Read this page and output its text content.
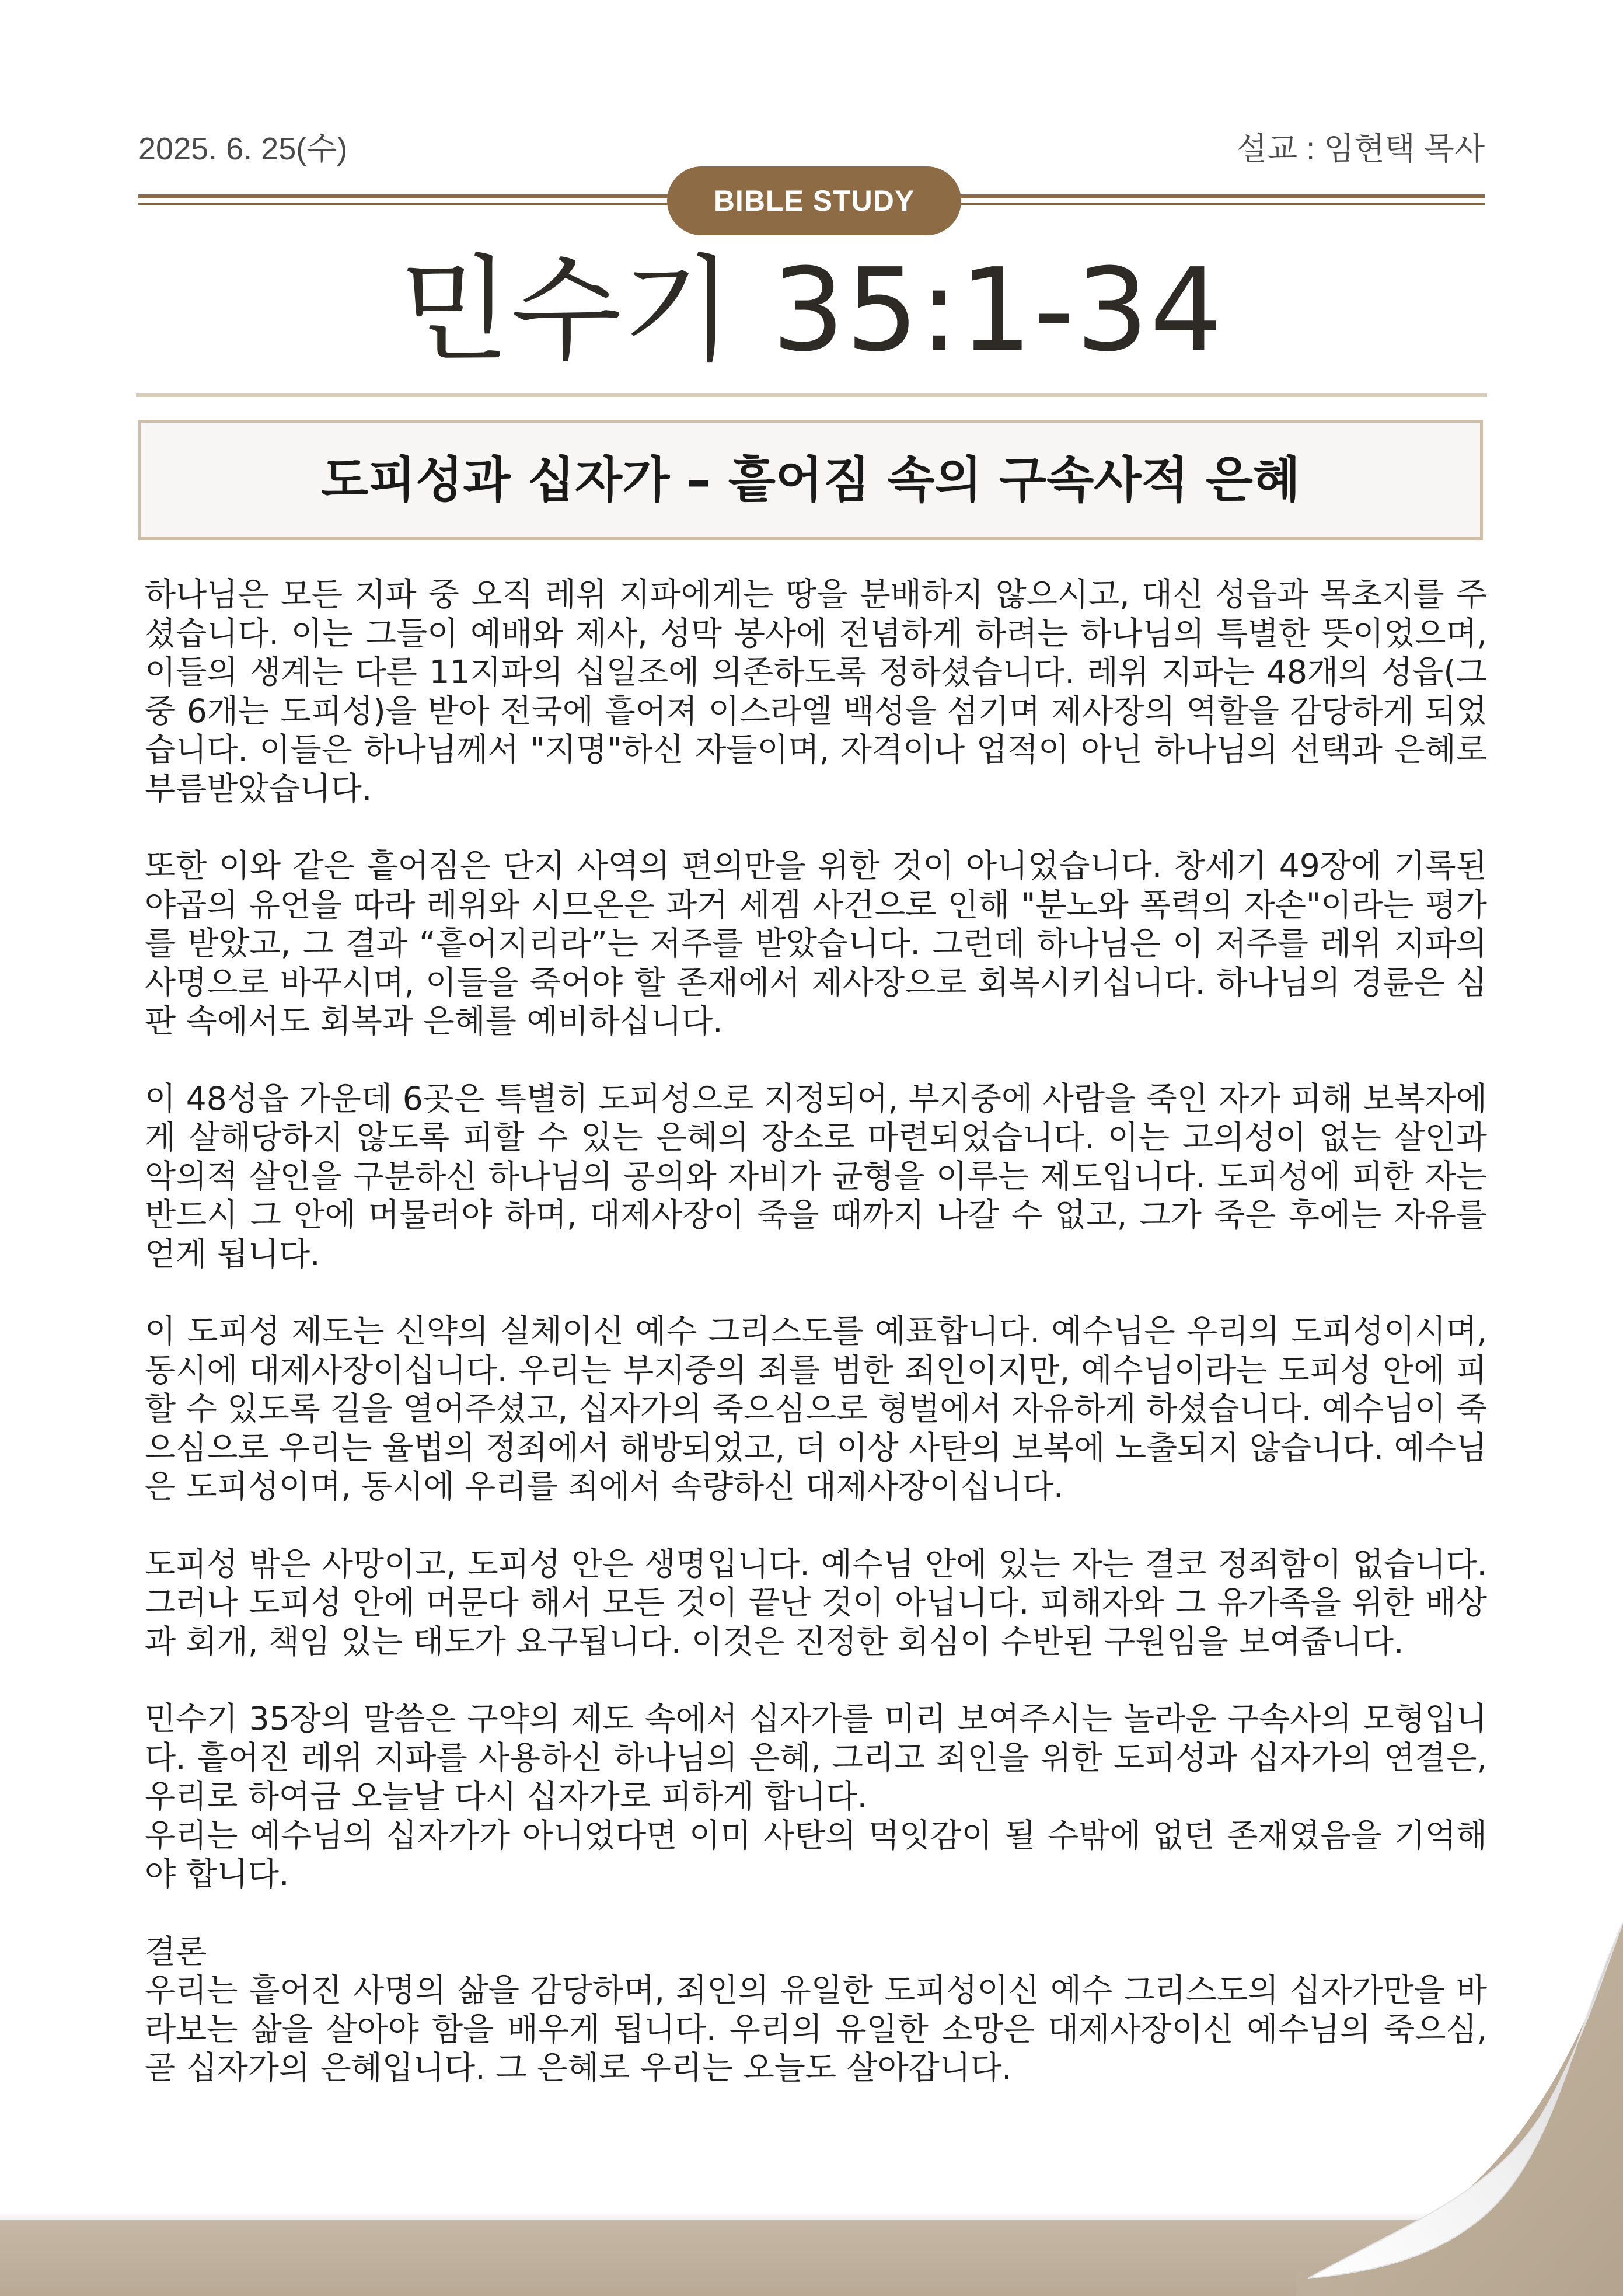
2025. 6. 25(수)	설교 : 임현택 목사
BIBLE STUDY
민수기 35:1-34
도피성과 십자가 – 흩어짐 속의 구속사적 은혜

하나님은 모든 지파 중 오직 레위 지파에게는 땅을 분배하지 않으시고, 대신 성읍과 목초지를 주셨습니다. 이는 그들이 예배와 제사, 성막 봉사에 전념하게 하려는 하나님의 특별한 뜻이었으며, 이들의 생계는 다른 11지파의 십일조에 의존하도록 정하셨습니다. 레위 지파는 48개의 성읍(그중 6개는 도피성)을 받아 전국에 흩어져 이스라엘 백성을 섬기며 제사장의 역할을 감당하게 되었습니다. 이들은 하나님께서 "지명"하신 자들이며, 자격이나 업적이 아닌 하나님의 선택과 은혜로 부름받았습니다.

또한 이와 같은 흩어짐은 단지 사역의 편의만을 위한 것이 아니었습니다. 창세기 49장에 기록된 야곱의 유언을 따라 레위와 시므온은 과거 세겜 사건으로 인해 "분노와 폭력의 자손"이라는 평가를 받았고, 그 결과 “흩어지리라”는 저주를 받았습니다. 그런데 하나님은 이 저주를 레위 지파의 사명으로 바꾸시며, 이들을 죽어야 할 존재에서 제사장으로 회복시키십니다. 하나님의 경륜은 심판 속에서도 회복과 은혜를 예비하십니다.

이 48성읍 가운데 6곳은 특별히 도피성으로 지정되어, 부지중에 사람을 죽인 자가 피해 보복자에게 살해당하지 않도록 피할 수 있는 은혜의 장소로 마련되었습니다. 이는 고의성이 없는 살인과 악의적 살인을 구분하신 하나님의 공의와 자비가 균형을 이루는 제도입니다. 도피성에 피한 자는 반드시 그 안에 머물러야 하며, 대제사장이 죽을 때까지 나갈 수 없고, 그가 죽은 후에는 자유를 얻게 됩니다.

이 도피성 제도는 신약의 실체이신 예수 그리스도를 예표합니다. 예수님은 우리의 도피성이시며, 동시에 대제사장이십니다. 우리는 부지중의 죄를 범한 죄인이지만, 예수님이라는 도피성 안에 피할 수 있도록 길을 열어주셨고, 십자가의 죽으심으로 형벌에서 자유하게 하셨습니다. 예수님이 죽으심으로 우리는 율법의 정죄에서 해방되었고, 더 이상 사탄의 보복에 노출되지 않습니다. 예수님은 도피성이며, 동시에 우리를 죄에서 속량하신 대제사장이십니다.

도피성 밖은 사망이고, 도피성 안은 생명입니다. 예수님 안에 있는 자는 결코 정죄함이 없습니다. 그러나 도피성 안에 머문다 해서 모든 것이 끝난 것이 아닙니다. 피해자와 그 유가족을 위한 배상과 회개, 책임 있는 태도가 요구됩니다. 이것은 진정한 회심이 수반된 구원임을 보여줍니다.

민수기 35장의 말씀은 구약의 제도 속에서 십자가를 미리 보여주시는 놀라운 구속사의 모형입니다. 흩어진 레위 지파를 사용하신 하나님의 은혜, 그리고 죄인을 위한 도피성과 십자가의 연결은, 우리로 하여금 오늘날 다시 십자가로 피하게 합니다.

우리는 예수님의 십자가가 아니었다면 이미 사탄의 먹잇감이 될 수밖에 없던 존재였음을 기억해야 합니다.

결론

우리는 흩어진 사명의 삶을 감당하며, 죄인의 유일한 도피성이신 예수 그리스도의 십자가만을 바라보는 삶을 살아야 함을 배우게 됩니다. 우리의 유일한 소망은 대제사장이신 예수님의 죽으심, 곧 십자가의 은혜입니다. 그 은혜로 우리는 오늘도 살아갑니다.
